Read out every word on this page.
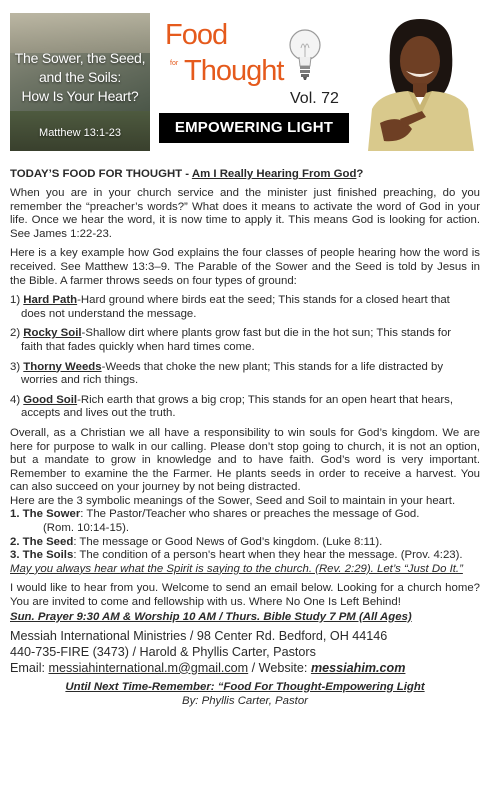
The Sower, the Seed,
and the Soils:
How Is Your Heart?
Matthew 13:1-23
Food
for Thought
Vol. 72
EMPOWERING LIGHT

TODAY’S FOOD FOR THOUGHT - Am I Really Hearing From God?

When you are in your church service and the minister just finished preaching, do you remember the “preacher’s words?” What does it means to activate the word of God in your life. Once we hear the word, it is now time to apply it. This means God is looking for action. See James 1:22-23.

Here is a key example how God explains the four classes of people hearing how the word is received. See Matthew 13:3–9. The Parable of the Sower and the Seed is told by Jesus in the Bible. A farmer throws seeds on four types of ground:

1) Hard Path-Hard ground where birds eat the seed; This stands for a closed heart that
does not understand the message.

2) Rocky Soil-Shallow dirt where plants grow fast but die in the hot sun; This stands for
faith that fades quickly when hard times come.

3) Thorny Weeds-Weeds that choke the new plant; This stands for a life distracted by
worries and rich things.

4) Good Soil-Rich earth that grows a big crop; This stands for an open heart that hears,
accepts and lives out the truth.

Overall, as a Christian we all have a responsibility to win souls for God’s kingdom. We are here for purpose to walk in our calling. Please don’t stop going to church, it is not an option, but a mandate to grow in knowledge and to have faith. God’s word is very important. Remember to examine the the Farmer. He plants seeds in order to receive a harvest. You can also succeed on your journey by not being distracted.

Here are the 3 symbolic meanings of the Sower, Seed and Soil to maintain in your heart.

1. The Sower: The Pastor/Teacher who shares or preaches the message of God.
(Rom. 10:14-15).

2. The Seed: The message or Good News of God’s kingdom. (Luke 8:11).

3. The Soils: The condition of a person's heart when they hear the message. (Prov. 4:23).

May you always hear what the Spirit is saying to the church. (Rev. 2:29). Let’s “Just Do It.”

I would like to hear from you. Welcome to send an email below. Looking for a church home? You are invited to come and fellowship with us. Where No One Is Left Behind!

Sun. Prayer 9:30 AM & Worship 10 AM / Thurs. Bible Study 7 PM (All Ages)

Messiah International Ministries / 98 Center Rd. Bedford, OH 44146

440-735-FIRE (3473) / Harold & Phyllis Carter, Pastors

Email: messiahinternational.m@gmail.com / Website: messiahim.com

Until Next Time-Remember: “Food For Thought-Empowering Light

By: Phyllis Carter, Pastor
